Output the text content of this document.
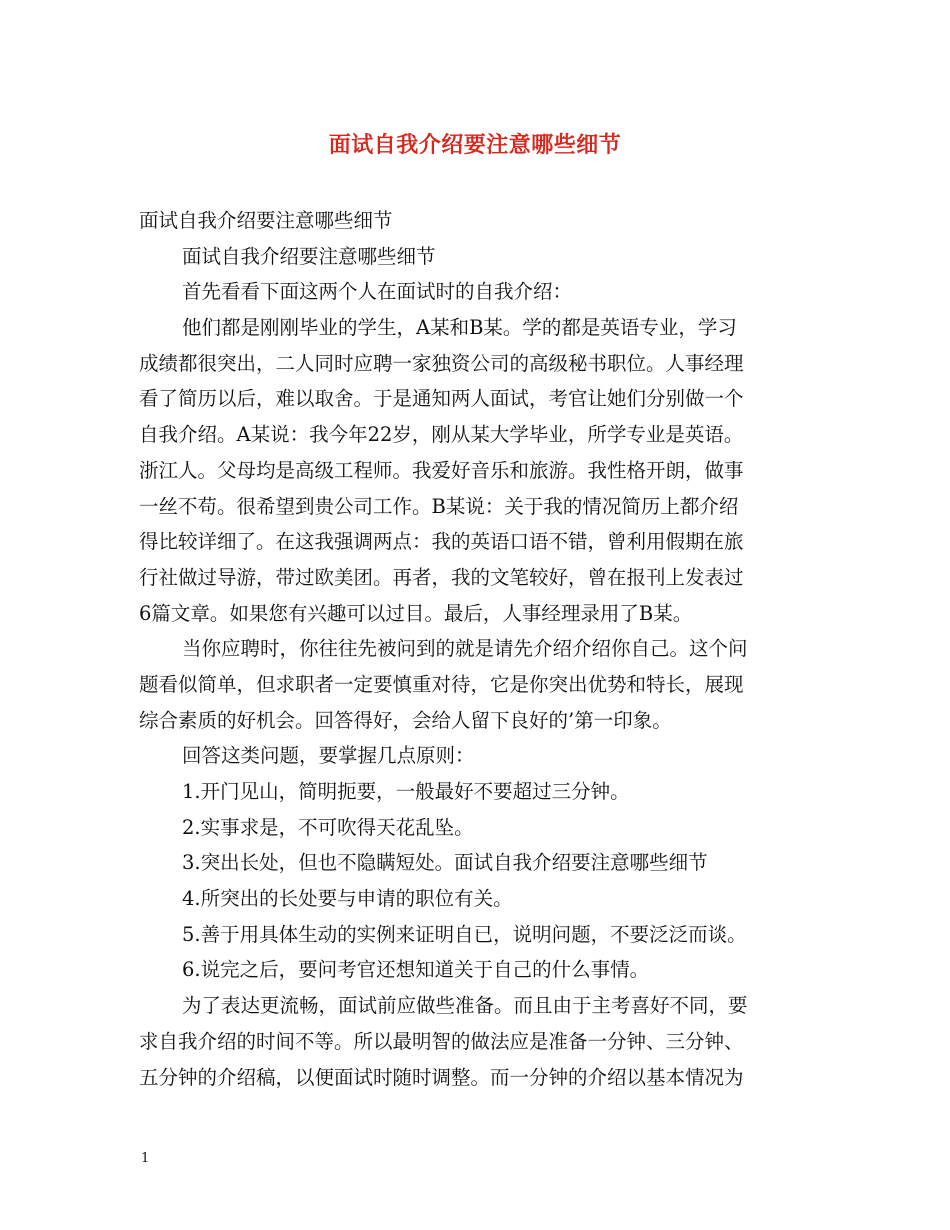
面试自我介绍要注意哪些细节
面试自我介绍要注意哪些细节
面试自我介绍要注意哪些细节
首先看看下面这两个人在面试时的自我介绍：
他们都是刚刚毕业的学生，A某和B某。学的都是英语专业，学习
成绩都很突出，二人同时应聘一家独资公司的高级秘书职位。人事经理
看了简历以后，难以取舍。于是通知两人面试，考官让她们分别做一个
自我介绍。A某说：我今年22岁，刚从某大学毕业，所学专业是英语。
浙江人。父母均是高级工程师。我爱好音乐和旅游。我性格开朗，做事
一丝不苟。很希望到贵公司工作。B某说：关于我的情况简历上都介绍
得比较详细了。在这我强调两点：我的英语口语不错，曾利用假期在旅
行社做过导游，带过欧美团。再者，我的文笔较好，曾在报刊上发表过
6篇文章。如果您有兴趣可以过目。最后，人事经理录用了B某。
当你应聘时，你往往先被问到的就是请先介绍介绍你自己。这个问
题看似简单，但求职者一定要慎重对待，它是你突出优势和特长，展现
综合素质的好机会。回答得好，会给人留下良好的’第一印象。
回答这类问题，要掌握几点原则：
1.开门见山，简明扼要，一般最好不要超过三分钟。
2.实事求是，不可吹得天花乱坠。
3.突出长处，但也不隐瞒短处。面试自我介绍要注意哪些细节
4.所突出的长处要与申请的职位有关。
5.善于用具体生动的实例来证明自已，说明问题，不要泛泛而谈。
6.说完之后，要问考官还想知道关于自己的什么事情。
为了表达更流畅，面试前应做些准备。而且由于主考喜好不同，要
求自我介绍的时间不等。所以最明智的做法应是准备一分钟、三分钟、
五分钟的介绍稿，以便面试时随时调整。而一分钟的介绍以基本情况为
1
